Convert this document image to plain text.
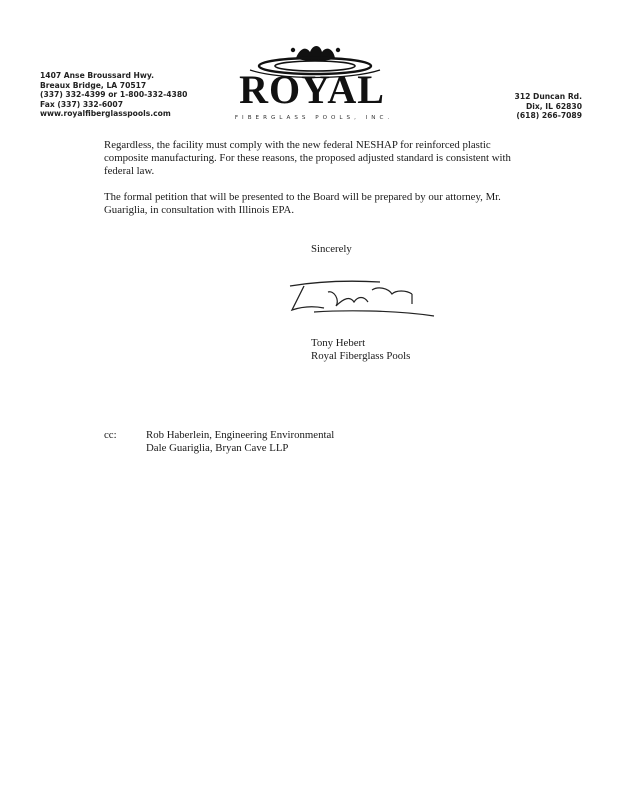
1407 Anse Broussard Hwy.
Breaux Bridge, LA 70517
(337) 332-4399 or 1-800-332-4380
Fax (337) 332-6007
www.royalfiberglasspools.com
ROYAL
FIBERGLASS POOLS, INC.
312 Duncan Rd.
Dix, IL 62830
(618) 266-7089
Regardless, the facility must comply with the new federal NESHAP for reinforced plastic composite manufacturing. For these reasons, the proposed adjusted standard is consistent with federal law.
The formal petition that will be presented to the Board will be prepared by our attorney, Mr. Guariglia, in consultation with Illinois EPA.
Sincerely
Tony Hebert
Royal Fiberglass Pools
cc:	Rob Haberlein, Engineering Environmental
Dale Guariglia, Bryan Cave LLP
